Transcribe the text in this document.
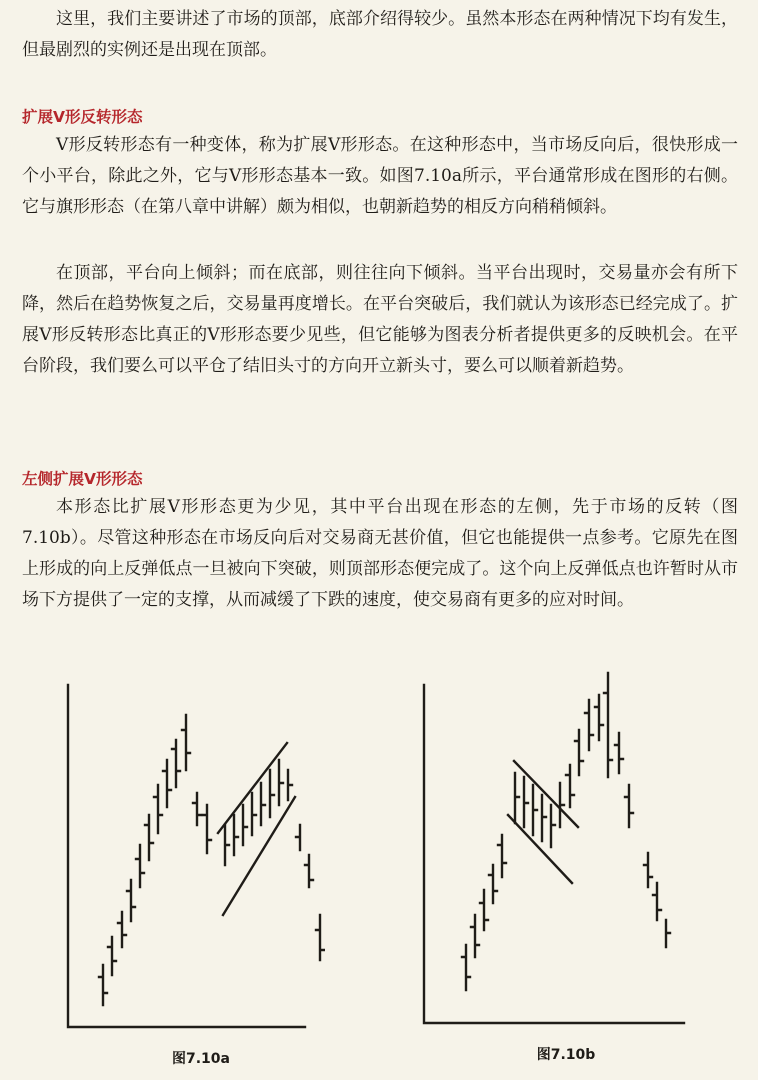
这里，我们主要讲述了市场的顶部，底部介绍得较少。虽然本形态在两种情况下均有发生，但最剧烈的实例还是出现在顶部。

扩展V形反转形态

V形反转形态有一种变体，称为扩展V形形态。在这种形态中，当市场反向后，很快形成一个小平台，除此之外，它与V形形态基本一致。如图7.10a所示，平台通常形成在图形的右侧。它与旗形形态（在第八章中讲解）颇为相似，也朝新趋势的相反方向稍稍倾斜。

在顶部，平台向上倾斜；而在底部，则往往向下倾斜。当平台出现时，交易量亦会有所下降，然后在趋势恢复之后，交易量再度增长。在平台突破后，我们就认为该形态已经完成了。扩展V形反转形态比真正的V形形态要少见些，但它能够为图表分析者提供更多的反映机会。在平台阶段，我们要么可以平仓了结旧头寸的方向开立新头寸，要么可以顺着新趋势。

左侧扩展V形形态

本形态比扩展V形形态更为少见，其中平台出现在形态的左侧，先于市场的反转（图7.10b）。尽管这种形态在市场反向后对交易商无甚价值，但它也能提供一点参考。它原先在图上形成的向上反弹低点一旦被向下突破，则顶部形态便完成了。这个向上反弹低点也许暂时从市场下方提供了一定的支撑，从而减缓了下跌的速度，使交易商有更多的应对时间。

图7.10a	图7.10b
